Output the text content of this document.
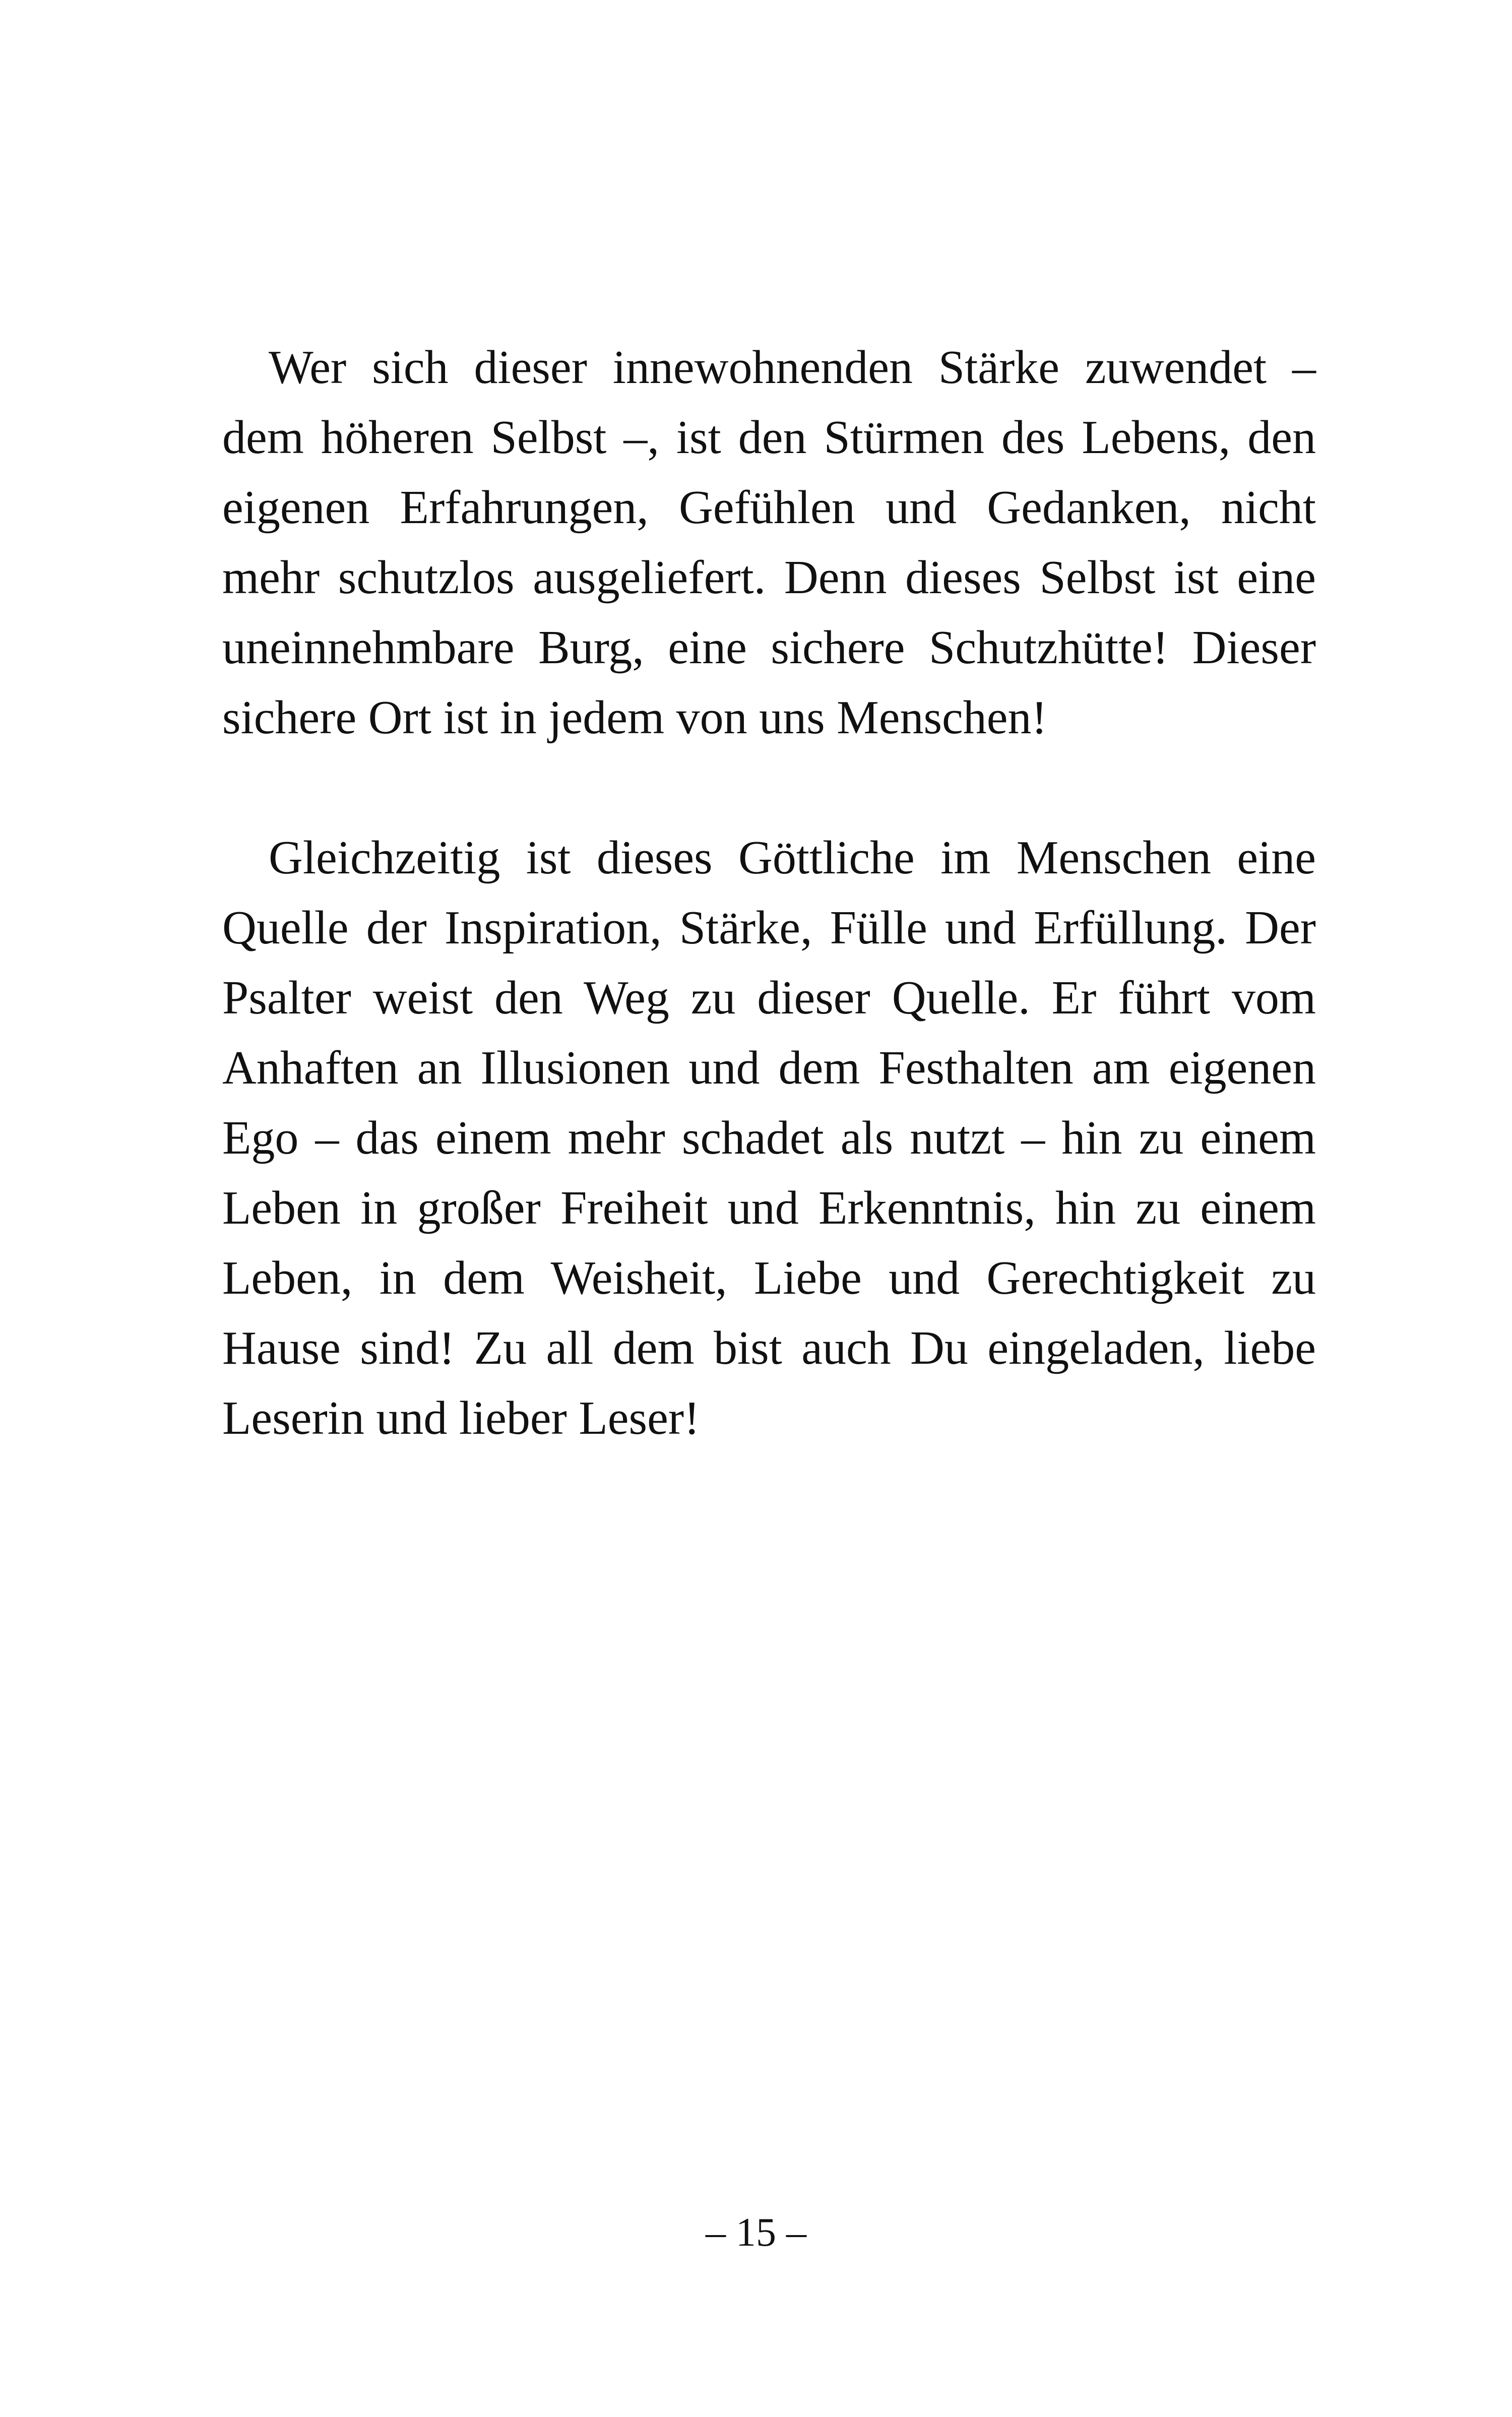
Wer sich dieser innewohnenden Stärke zuwendet –
dem höheren Selbst –, ist den Stürmen des Lebens, den
eigenen Erfahrungen, Gefühlen und Gedanken, nicht
mehr schutzlos ausgeliefert. Denn dieses Selbst ist eine
uneinnehmbare Burg, eine sichere Schutzhütte! Dieser
sichere Ort ist in jedem von uns Menschen!

Gleichzeitig ist dieses Göttliche im Menschen eine
Quelle der Inspiration, Stärke, Fülle und Erfüllung. Der
Psalter weist den Weg zu dieser Quelle. Er führt vom
Anhaften an Illusionen und dem Festhalten am eigenen
Ego – das einem mehr schadet als nutzt – hin zu einem
Leben in großer Freiheit und Erkenntnis, hin zu einem
Leben, in dem Weisheit, Liebe und Gerechtigkeit zu
Hause sind! Zu all dem bist auch Du eingeladen, liebe
Leserin und lieber Leser!

– 15 –
